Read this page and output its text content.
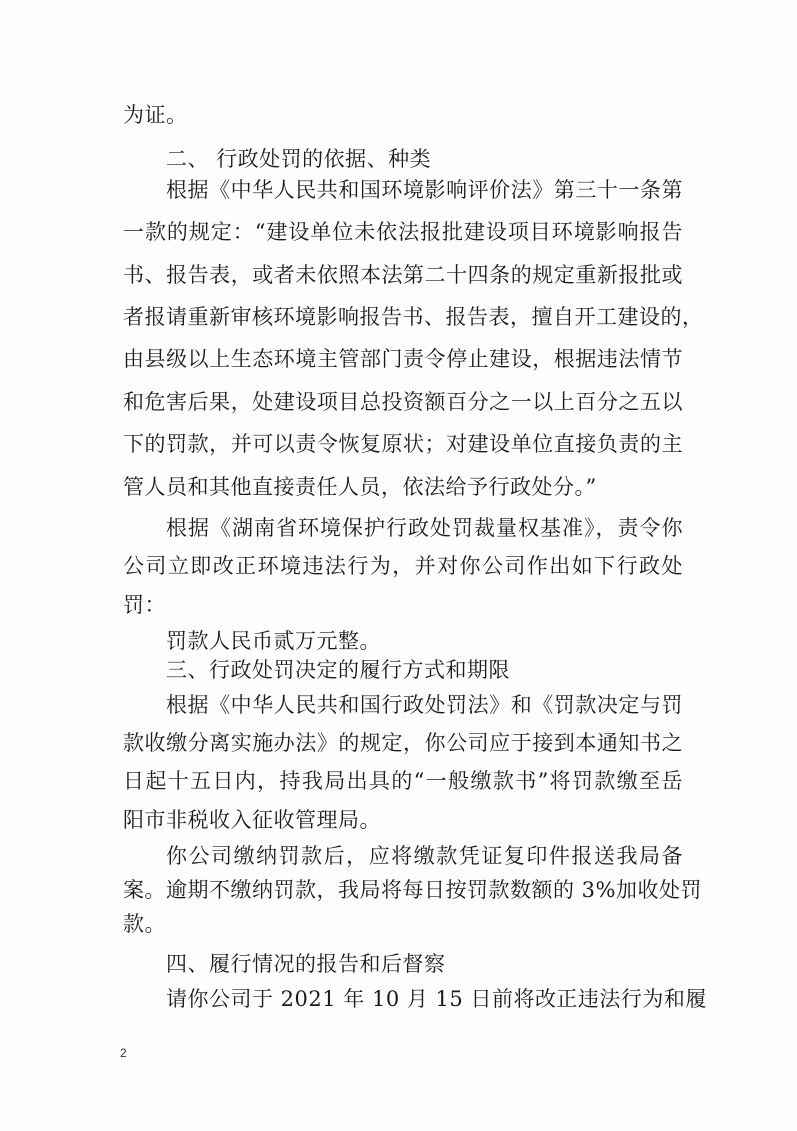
为证。
二、 行政处罚的依据、种类
根据《中华人民共和国环境影响评价法》第三十一条第
一款的规定：“建设单位未依法报批建设项目环境影响报告
书、报告表，或者未依照本法第二十四条的规定重新报批或
者报请重新审核环境影响报告书、报告表，擅自开工建设的，
由县级以上生态环境主管部门责令停止建设，根据违法情节
和危害后果，处建设项目总投资额百分之一以上百分之五以
下的罚款，并可以责令恢复原状；对建设单位直接负责的主
管人员和其他直接责任人员，依法给予行政处分。”
根据《湖南省环境保护行政处罚裁量权基准》，责令你
公司立即改正环境违法行为，并对你公司作出如下行政处
罚：
罚款人民币贰万元整。
三、行政处罚决定的履行方式和期限
根据《中华人民共和国行政处罚法》和《罚款决定与罚
款收缴分离实施办法》的规定，你公司应于接到本通知书之
日起十五日内，持我局出具的“一般缴款书”将罚款缴至岳
阳市非税收入征收管理局。
你公司缴纳罚款后，应将缴款凭证复印件报送我局备
案。逾期不缴纳罚款，我局将每日按罚款数额的 3%加收处罚
款。
四、履行情况的报告和后督察
请你公司于 2021 年 10 月 15 日前将改正违法行为和履
2
